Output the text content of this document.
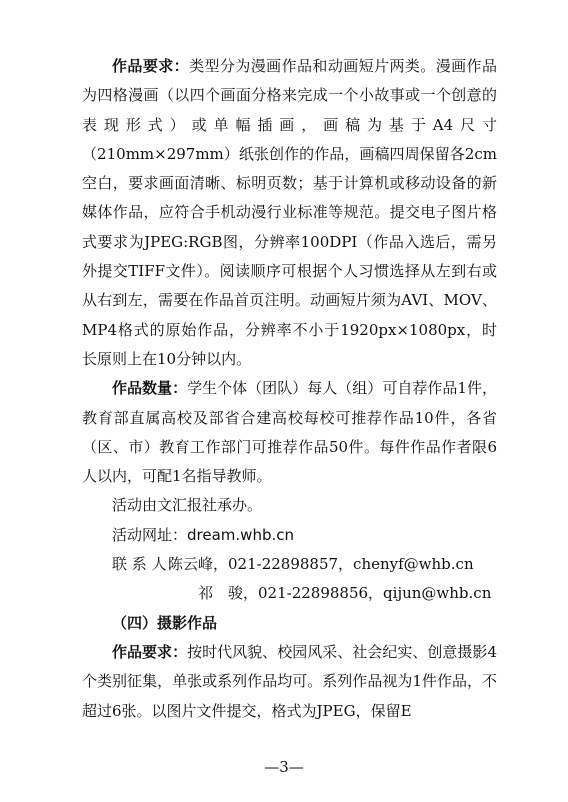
作品要求：类型分为漫画作品和动画短片两类。漫画作品为四格漫画（以四个画面分格来完成一个小故事或一个创意的表现形式）或单幅插画，画稿为基于A4尺寸（210mm×297mm）纸张创作的作品，画稿四周保留各2cm空白，要求画面清晰、标明页数；基于计算机或移动设备的新媒体作品，应符合手机动漫行业标准等规范。提交电子图片格式要求为JPEG:RGB图，分辨率100DPI（作品入选后，需另外提交TIFF文件）。阅读顺序可根据个人习惯选择从左到右或从右到左，需要在作品首页注明。动画短片须为AVI、MOV、MP4格式的原始作品，分辨率不小于1920px×1080px，时长原则上在10分钟以内。

作品数量：学生个体（团队）每人（组）可自荐作品1件，教育部直属高校及部省合建高校每校可推荐作品10件，各省（区、市）教育工作部门可推荐作品50件。每件作品作者限6人以内，可配1名指导教师。

活动由文汇报社承办。

活动网址：dream.whb.cn

联 系 人：陈云峰，021-22898857，chenyf@whb.cn
祁　骏，021-22898856，qijun@whb.cn

（四）摄影作品

作品要求：按时代风貌、校园风采、社会纪实、创意摄影4个类别征集，单张或系列作品均可。系列作品视为1件作品，不超过6张。以图片文件提交，格式为JPEG，保留E

—3—
